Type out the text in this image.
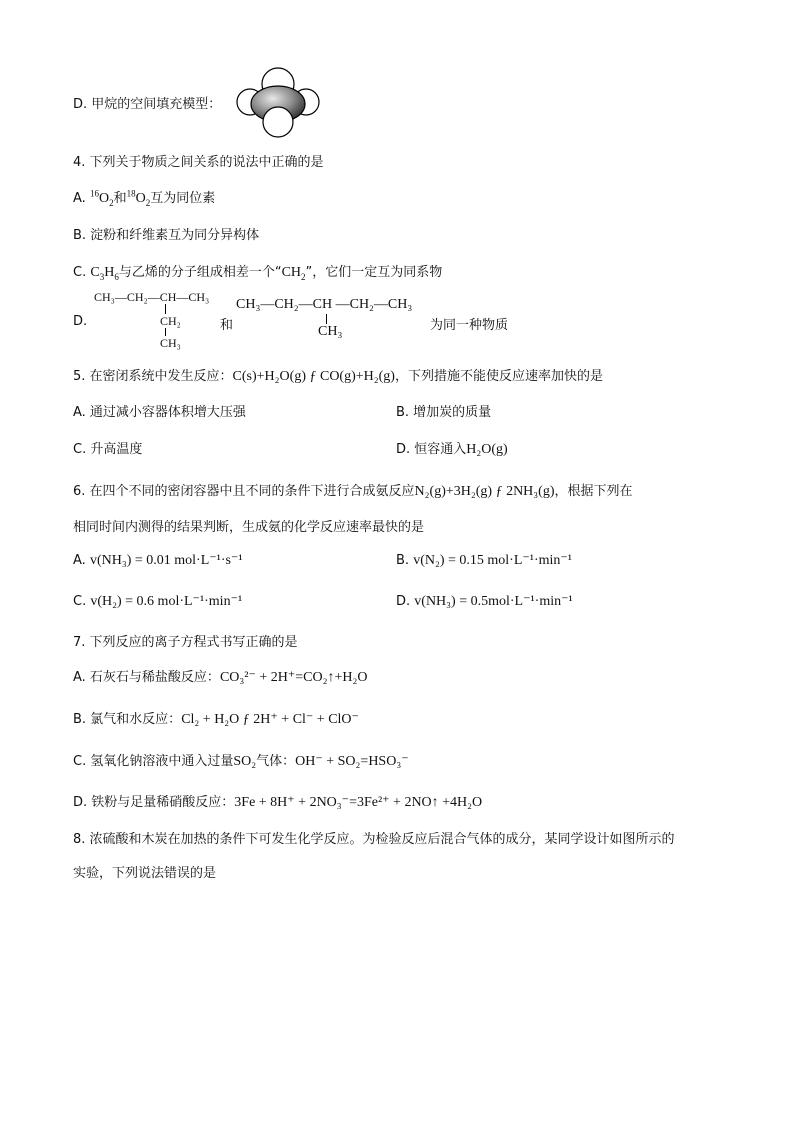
D. 甲烷的空间填充模型：
4. 下列关于物质之间关系的说法中正确的是
A. $^{16}O_2$和$^{18}O_2$互为同位素
B. 淀粉和纤维素互为同分异构体
C. $C_3H_6$与乙烯的分子组成相差一个“$CH_2$”，它们一定互为同系物
D.
CH₃—CH₂—CH—CH₃
CH₂
CH₃
和
CH₃—CH₂—CH —CH₂—CH₃
CH₃	为同一种物质
5. 在密闭系统中发生反应：C(s)+H₂O(g) ƒ CO(g)+H₂(g)，下列措施不能使反应速率加快的是
A. 通过减小容器体积增大压强	B. 增加炭的质量
C. 升高温度	D. 恒容通入H₂O(g)
6. 在四个不同的密闭容器中且不同的条件下进行合成氨反应N₂(g)+3H₂(g) ƒ 2NH₃(g)，根据下列在
相同时间内测得的结果判断，生成氨的化学反应速率最快的是
A. v(NH₃) = 0.01 mol·L⁻¹·s⁻¹	B. v(N₂) = 0.15 mol·L⁻¹·min⁻¹
C. v(H₂) = 0.6 mol·L⁻¹·min⁻¹	D. v(NH₃) = 0.5mol·L⁻¹·min⁻¹
7. 下列反应的离子方程式书写正确的是
A. 石灰石与稀盐酸反应：CO₃²⁻ + 2H⁺=CO₂↑+H₂O
B. 氯气和水反应：Cl₂ + H₂O ƒ 2H⁺ + Cl⁻ + ClO⁻
C. 氢氧化钠溶液中通入过量SO₂气体：OH⁻ + SO₂=HSO₃⁻
D. 铁粉与足量稀硝酸反应：3Fe + 8H⁺ + 2NO₃⁻=3Fe²⁺ + 2NO↑ +4H₂O
8. 浓硫酸和木炭在加热的条件下可发生化学反应。为检验反应后混合气体的成分，某同学设计如图所示的
实验，下列说法错误的是
